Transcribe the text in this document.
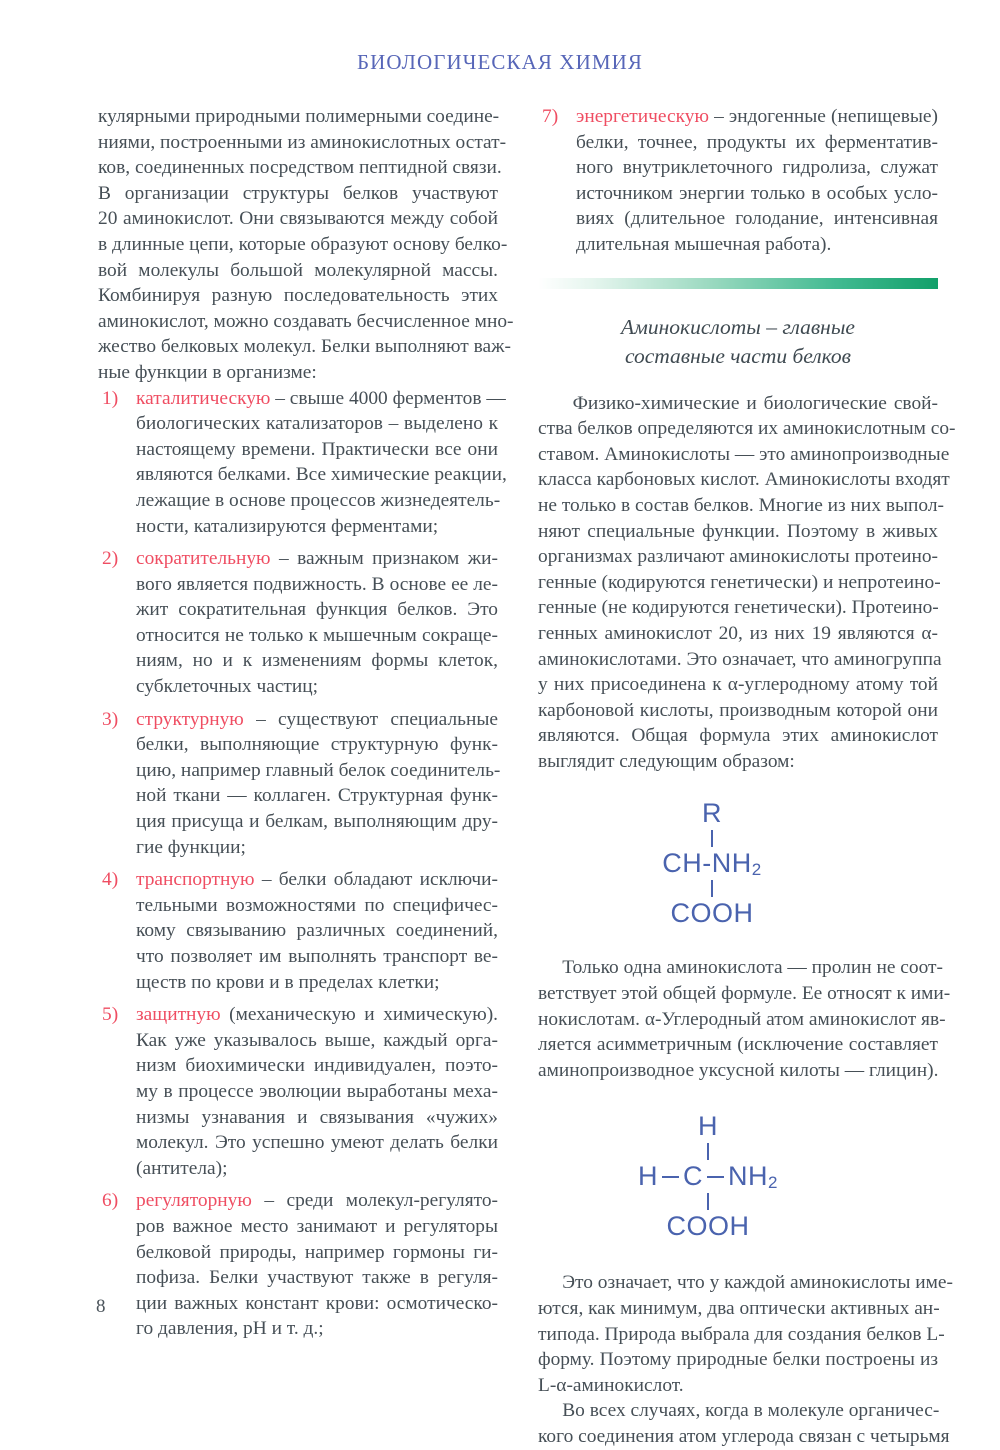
БИОЛОГИЧЕСКАЯ ХИМИЯ

кулярными природными полимерными соедине-
ниями, построенными из аминокислотных остат-
ков, соединенных посредством пептидной связи.
В организации структуры белков участвуют
20 аминокислот. Они связываются между собой
в длинные цепи, которые образуют основу белко-
вой молекулы большой молекулярной массы.
Комбинируя разную последовательность этих
аминокислот, можно создавать бесчисленное мно-
жество белковых молекул. Белки выполняют важ-
ные функции в организме:

1) каталитическую – свыше 4000 ферментов —
биологических катализаторов – выделено к
настоящему времени. Практически все они
являются белками. Все химические реакции,
лежащие в основе процессов жизнедеятель-
ности, катализируются ферментами;
2) сократительную – важным признаком жи-
вого является подвижность. В основе ее ле-
жит сократительная функция белков. Это
относится не только к мышечным сокраще-
ниям, но и к изменениям формы клеток,
субклеточных частиц;
3) структурную – существуют специальные
белки, выполняющие структурную функ-
цию, например главный белок соединитель-
ной ткани — коллаген. Структурная функ-
ция присуща и белкам, выполняющим дру-
гие функции;
4) транспортную – белки обладают исключи-
тельными возможностями по специфичес-
кому связыванию различных соединений,
что позволяет им выполнять транспорт ве-
ществ по крови и в пределах клетки;
5) защитную (механическую и химическую).
Как уже указывалось выше, каждый орга-
низм биохимически индивидуален, поэто-
му в процессе эволюции выработаны меха-
низмы узнавания и связывания «чужих»
молекул. Это успешно умеют делать белки
(антитела);
6) регуляторную – среди молекул-регулято-
ров важное место занимают и регуляторы
белковой природы, например гормоны ги-
пофиза. Белки участвуют также в регуля-
ции важных констант крови: осмотическо-
го давления, pH и т. д.;
7) энергетическую – эндогенные (непищевые)
белки, точнее, продукты их ферментатив-
ного внутриклеточного гидролиза, служат
источником энергии только в особых усло-
виях (длительное голодание, интенсивная
длительная мышечная работа).
Аминокислоты – главные
составные части белков

Физико-химические и биологические свой-
ства белков определяются их аминокислотным со-
ставом. Аминокислоты — это аминопроизводные
класса карбоновых кислот. Аминокислоты входят
не только в состав белков. Многие из них выпол-
няют специальные функции. Поэтому в живых
организмах различают аминокислоты протеино-
генные (кодируются генетически) и непротеино-
генные (не кодируются генетически). Протеино-
генных аминокислот 20, из них 19 являются α-
аминокислотами. Это означает, что аминогруппа
у них присоединена к α-углеродному атому той
карбоновой кислоты, производным которой они
являются. Общая формула этих аминокислот
выглядит следующим образом:

R
CH-NH 2
COOH

Только одна аминокислота — пролин не соот-
ветствует этой общей формуле. Ее относят к ими-
нокислотам. α-Углеродный атом аминокислот яв-
ляется асимметричным (исключение составляет
аминопроизводное уксусной килоты — глицин).

H
H C NH 2
COOH

Это означает, что у каждой аминокислоты име-
ются, как минимум, два оптически активных ан-
типода. Природа выбрала для создания белков L-
форму. Поэтому природные белки построены из
L-α-аминокислот.

Во всех случаях, когда в молекуле органичес-
кого соединения атом углерода связан с четырьмя

8
